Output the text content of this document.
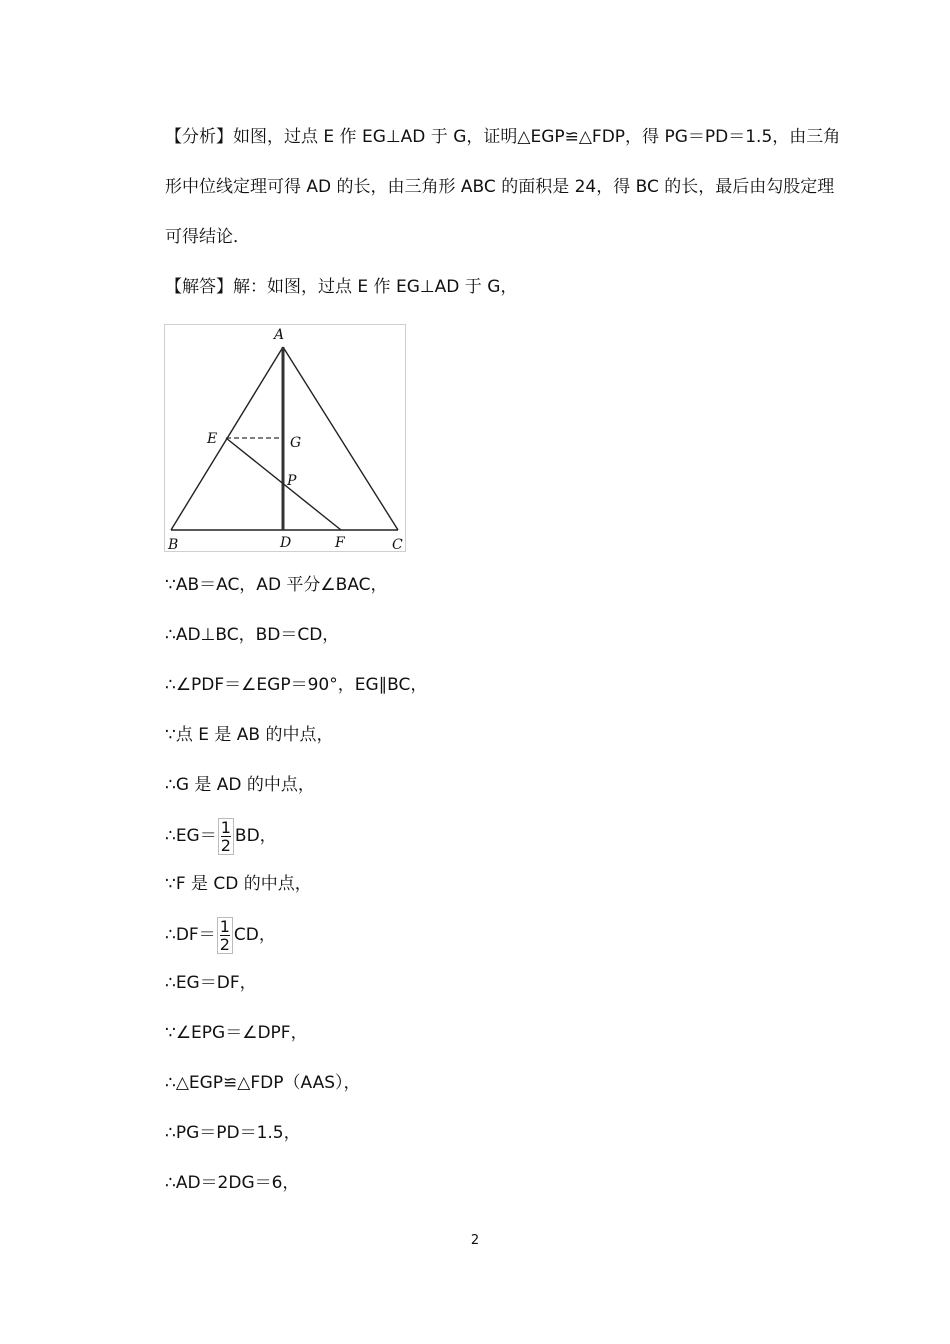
【分析】如图，过点 E 作 EG⊥AD 于 G，证明△EGP≌△FDP，得 PG＝PD＝1.5，由三角
形中位线定理可得 AD 的长，由三角形 ABC 的面积是 24，得 BC 的长，最后由勾股定理
可得结论．
【解答】解：如图，过点 E 作 EG⊥AD 于 G，
A
E	G
P
B	D	F	C
∵AB＝AC，AD 平分∠BAC，
∴AD⊥BC，BD＝CD，
∴∠PDF＝∠EGP＝90°，EG∥BC，
∵点 E 是 AB 的中点，
∴G 是 AD 的中点，
∴EG＝ $\frac{1}{2}$ BD，
∵F 是 CD 的中点，
∴DF＝ $\frac{1}{2}$ CD，
∴EG＝DF，
∵∠EPG＝∠DPF，
∴△EGP≌△FDP（AAS），
∴PG＝PD＝1.5，
∴AD＝2DG＝6，
2
